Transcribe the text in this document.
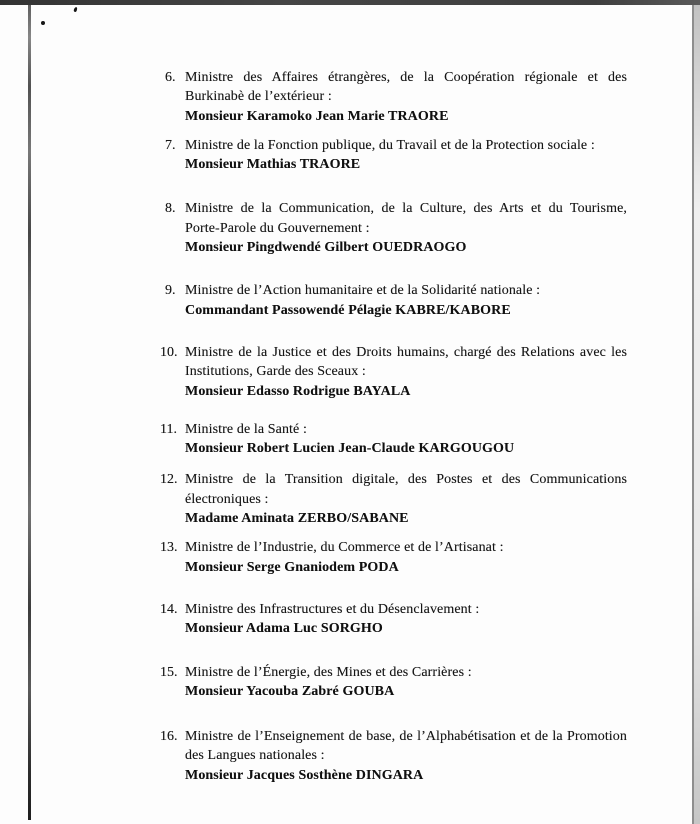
6. Ministre des Affaires étrangères, de la Coopération régionale et des
Burkinabè de l’extérieur :

Monsieur Karamoko Jean Marie TRAORE

7. Ministre de la Fonction publique, du Travail et de la Protection sociale :

Monsieur Mathias TRAORE

8. Ministre de la Communication, de la Culture, des Arts et du Tourisme,
Porte-Parole du Gouvernement :

Monsieur Pingdwendé Gilbert OUEDRAOGO

9. Ministre de l’Action humanitaire et de la Solidarité nationale :

Commandant Passowendé Pélagie KABRE/KABORE

10. Ministre de la Justice et des Droits humains, chargé des Relations avec les
Institutions, Garde des Sceaux :

Monsieur Edasso Rodrigue BAYALA

11. Ministre de la Santé :

Monsieur Robert Lucien Jean-Claude KARGOUGOU

12. Ministre de la Transition digitale, des Postes et des Communications
électroniques :

Madame Aminata ZERBO/SABANE

13. Ministre de l’Industrie, du Commerce et de l’Artisanat :

Monsieur Serge Gnaniodem PODA

14. Ministre des Infrastructures et du Désenclavement :

Monsieur Adama Luc SORGHO

15. Ministre de l’Énergie, des Mines et des Carrières :

Monsieur Yacouba Zabré GOUBA

16. Ministre de l’Enseignement de base, de l’Alphabétisation et de la Promotion
des Langues nationales :

Monsieur Jacques Sosthène DINGARA
